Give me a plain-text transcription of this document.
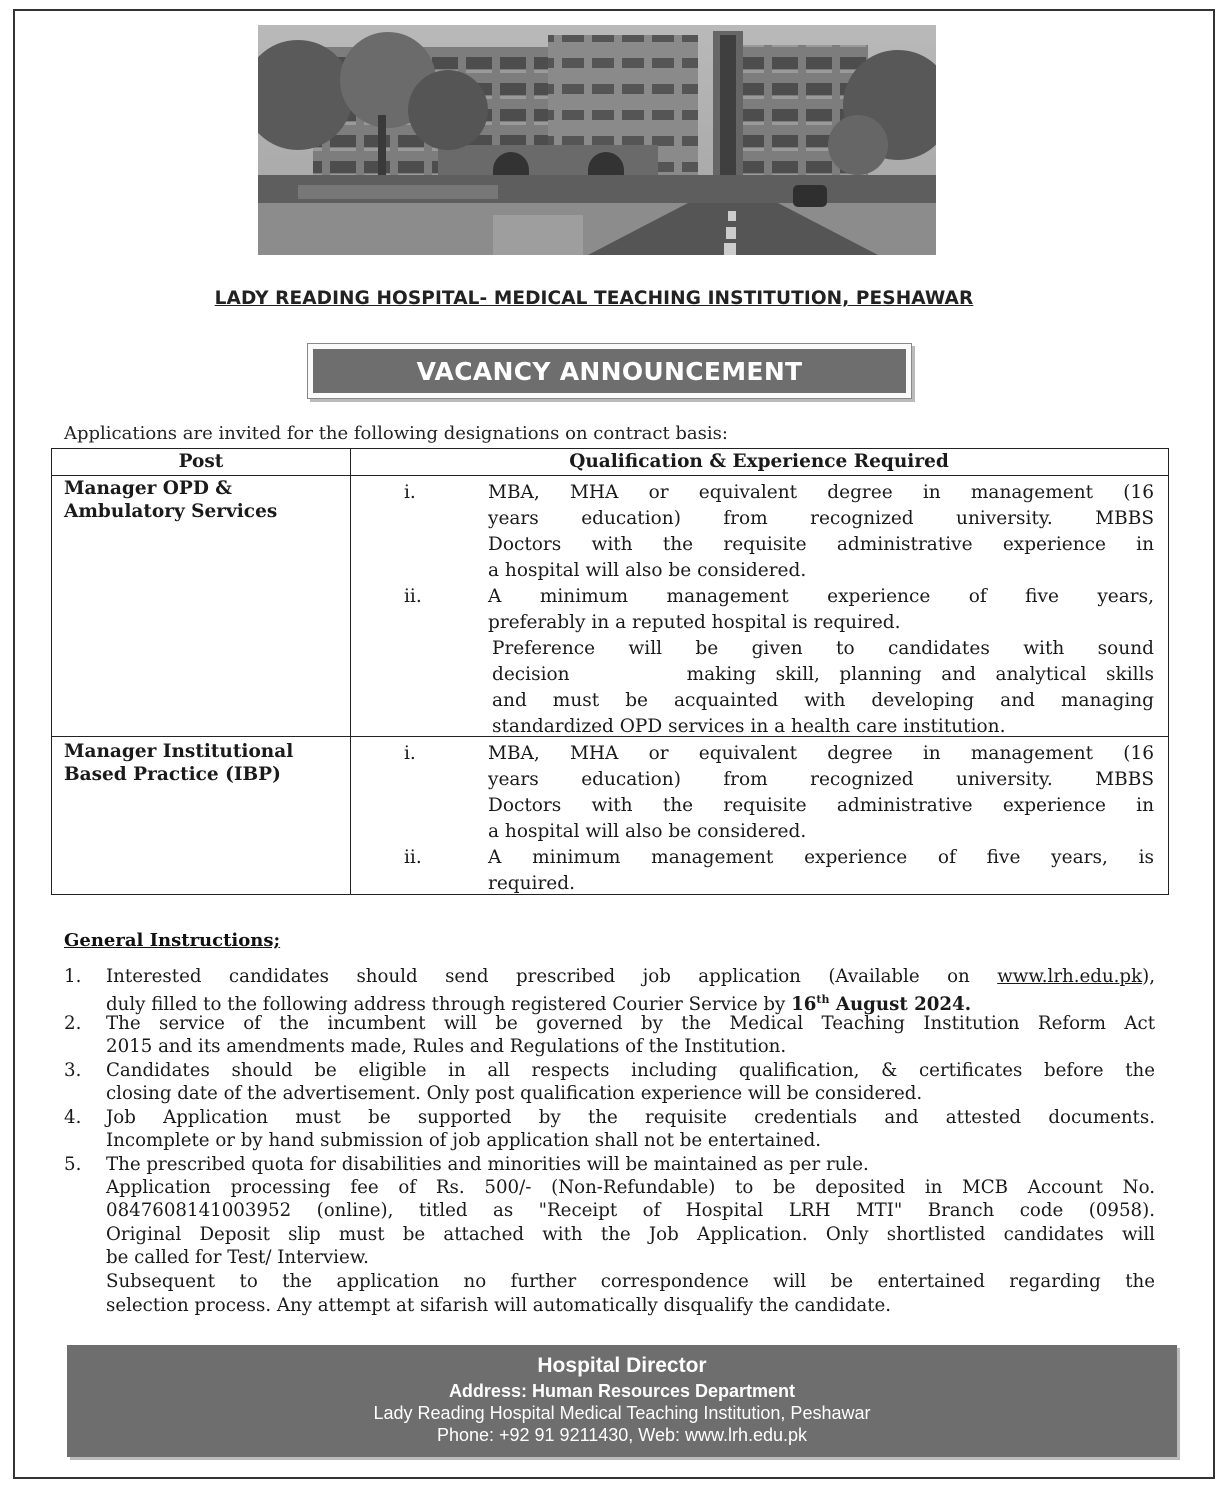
LADY READING HOSPITAL- MEDICAL TEACHING INSTITUTION, PESHAWAR
VACANCY ANNOUNCEMENT
Applications are invited for the following designations on contract basis:
Post	Qualification & Experience Required
Manager OPD &
Ambulatory Services
i.	MBA, MHA or equivalent degree in management (16
years education) from recognized university. MBBS
Doctors with the requisite administrative experience in
a hospital will also be considered.
ii.	A minimum management experience of five years,
preferably in a reputed hospital is required.
Preference will be given to candidates with sound
decision      making skill, planning and analytical skills
and must be acquainted with developing and managing
standardized OPD services in a health care institution.
Manager Institutional
Based Practice (IBP)
i.	MBA, MHA or equivalent degree in management (16
years education) from recognized university. MBBS
Doctors with the requisite administrative experience in
a hospital will also be considered.
ii.	A minimum management experience of five years, is
required.
General Instructions;
1. Interested candidates should send prescribed job application (Available on www.lrh.edu.pk),
duly filled to the following address through registered Courier Service by 16th August 2024.
2. The service of the incumbent will be governed by the Medical Teaching Institution Reform Act
2015 and its amendments made, Rules and Regulations of the Institution.
3. Candidates should be eligible in all respects including qualification, & certificates before the
closing date of the advertisement. Only post qualification experience will be considered.
4. Job Application must be supported by the requisite credentials and attested documents.
Incomplete or by hand submission of job application shall not be entertained.
5. The prescribed quota for disabilities and minorities will be maintained as per rule.
Application processing fee of Rs. 500/- (Non-Refundable) to be deposited in MCB Account No.
0847608141003952 (online), titled as "Receipt of Hospital LRH MTI" Branch code (0958).
Original Deposit slip must be attached with the Job Application. Only shortlisted candidates will
be called for Test/ Interview.
Subsequent to the application no further correspondence will be entertained regarding the
selection process. Any attempt at sifarish will automatically disqualify the candidate.
Hospital Director
Address: Human Resources Department
Lady Reading Hospital Medical Teaching Institution, Peshawar
Phone: +92 91 9211430, Web: www.lrh.edu.pk
